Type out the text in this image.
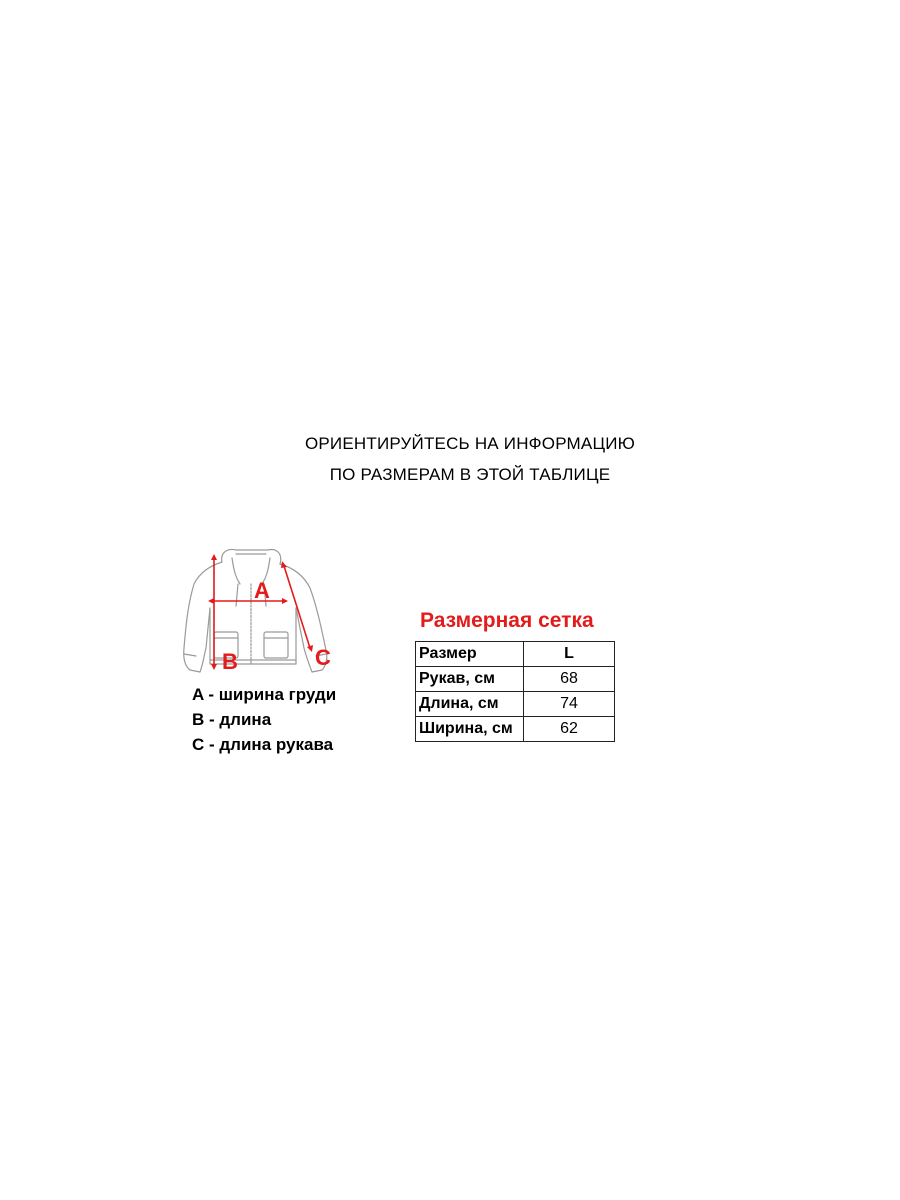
ОРИЕНТИРУЙТЕСЬ НА ИНФОРМАЦИЮ
ПО РАЗМЕРАМ В ЭТОЙ ТАБЛИЦЕ
A
B	C
A - ширина груди
B - длина
C - длина рукава
Размерная сетка
Размер	L
Рукав, см	68
Длина, см	74
Ширина, см	62
